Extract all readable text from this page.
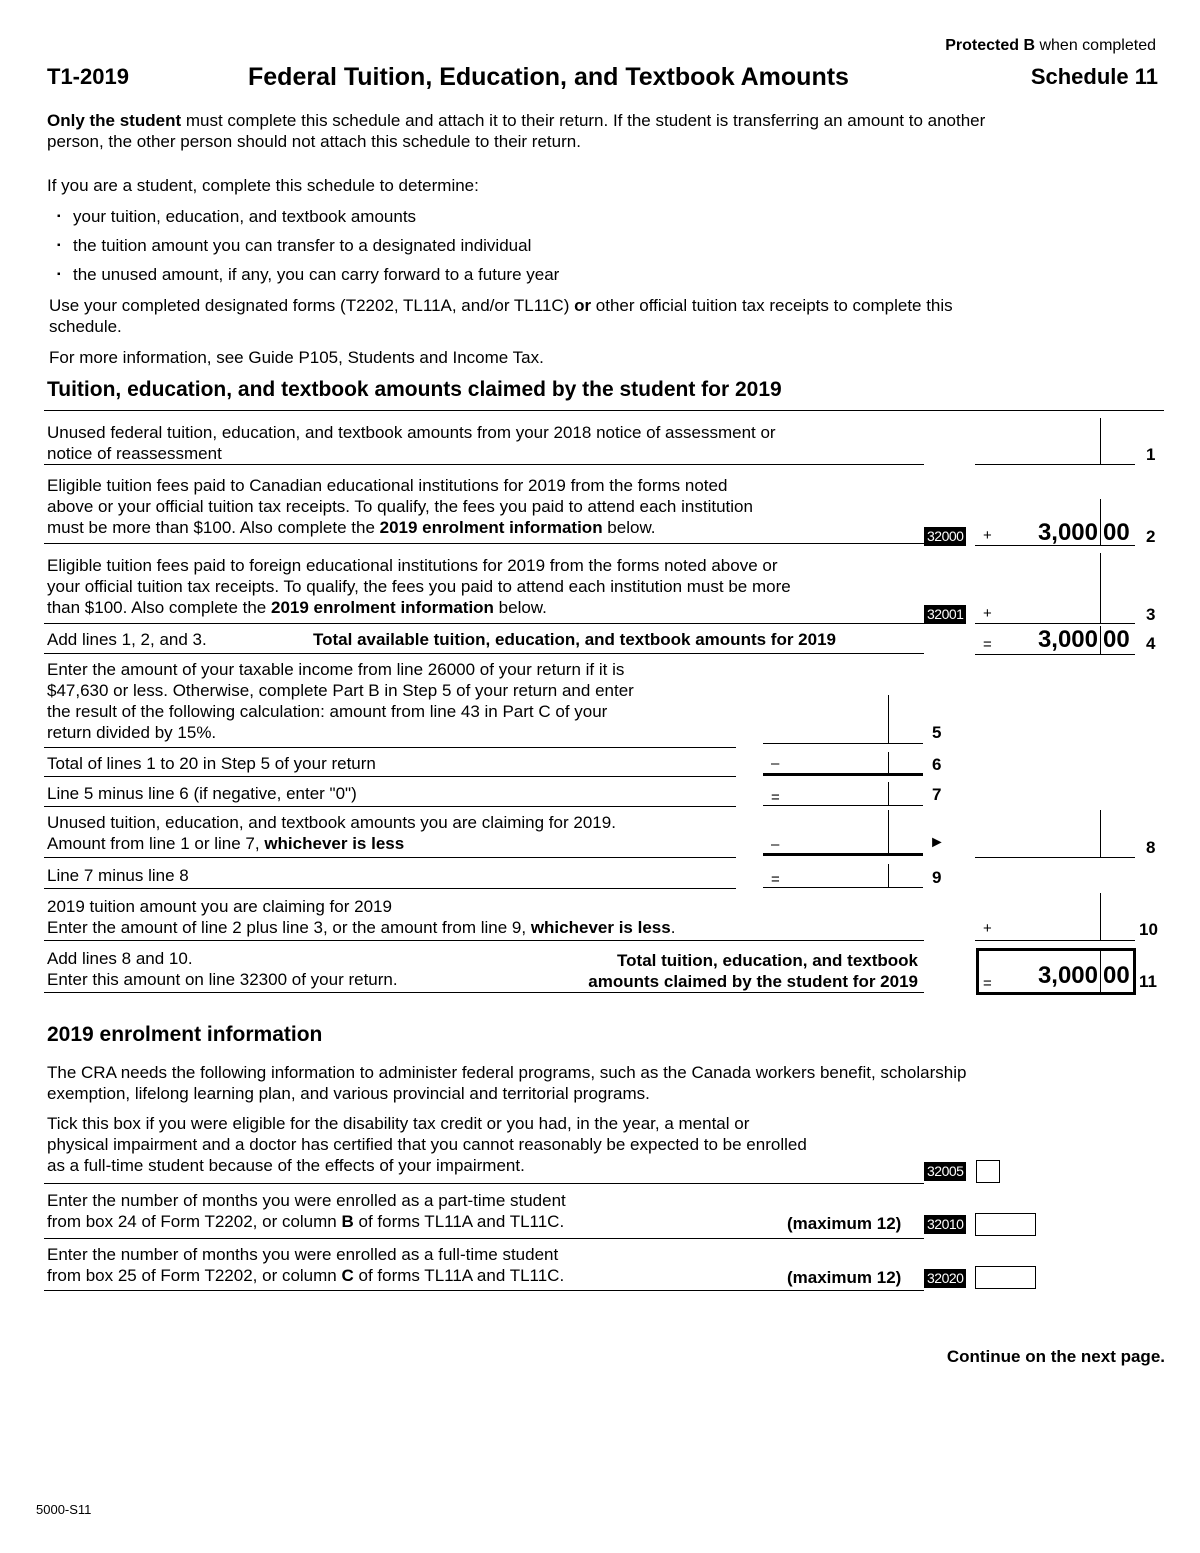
Protected B when completed
T1-2019	Federal Tuition, Education, and Textbook Amounts	Schedule 11
Only the student must complete this schedule and attach it to their return. If the student is transferring an amount to another
person, the other person should not attach this schedule to their return.
If you are a student, complete this schedule to determine:
▪ your tuition, education, and textbook amounts
▪ the tuition amount you can transfer to a designated individual
▪ the unused amount, if any, you can carry forward to a future year
Use your completed designated forms (T2202, TL11A, and/or TL11C) or other official tuition tax receipts to complete this
schedule.
For more information, see Guide P105, Students and Income Tax.
Tuition, education, and textbook amounts claimed by the student for 2019
Unused federal tuition, education, and textbook amounts from your 2018 notice of assessment or
notice of reassessment	1
Eligible tuition fees paid to Canadian educational institutions for 2019 from the forms noted
above or your official tuition tax receipts. To qualify, the fees you paid to attend each institution
must be more than $100. Also complete the 2019 enrolment information below.	32000 +	3,000 00 2
Eligible tuition fees paid to foreign educational institutions for 2019 from the forms noted above or
your official tuition tax receipts. To qualify, the fees you paid to attend each institution must be more
than $100. Also complete the 2019 enrolment information below.	32001 +	3
Add lines 1, 2, and 3.	Total available tuition, education, and textbook amounts for 2019	=	3,000 00 4
Enter the amount of your taxable income from line 26000 of your return if it is
$47,630 or less. Otherwise, complete Part B in Step 5 of your return and enter
the result of the following calculation: amount from line 43 in Part C of your
return divided by 15%.	5
Total of lines 1 to 20 in Step 5 of your return	–	6
Line 5 minus line 6 (if negative, enter "0")	=	7
Unused tuition, education, and textbook amounts you are claiming for 2019.
Amount from line 1 or line 7, whichever is less	–	►	8
Line 7 minus line 8	=	9
2019 tuition amount you are claiming for 2019
Enter the amount of line 2 plus line 3, or the amount from line 9, whichever is less.	+	10
Add lines 8 and 10.
Enter this amount on line 32300 of your return.
Total tuition, education, and textbook
amounts claimed by the student for 2019	=	3,000 00 11
2019 enrolment information
The CRA needs the following information to administer federal programs, such as the Canada workers benefit, scholarship
exemption, lifelong learning plan, and various provincial and territorial programs.
Tick this box if you were eligible for the disability tax credit or you had, in the year, a mental or
physical impairment and a doctor has certified that you cannot reasonably be expected to be enrolled
as a full-time student because of the effects of your impairment.	32005
Enter the number of months you were enrolled as a part-time student
from box 24 of Form T2202, or column B of forms TL11A and TL11C.	(maximum 12) 32010
Enter the number of months you were enrolled as a full-time student
from box 25 of Form T2202, or column C of forms TL11A and TL11C.	(maximum 12) 32020
Continue on the next page.
5000-S11
